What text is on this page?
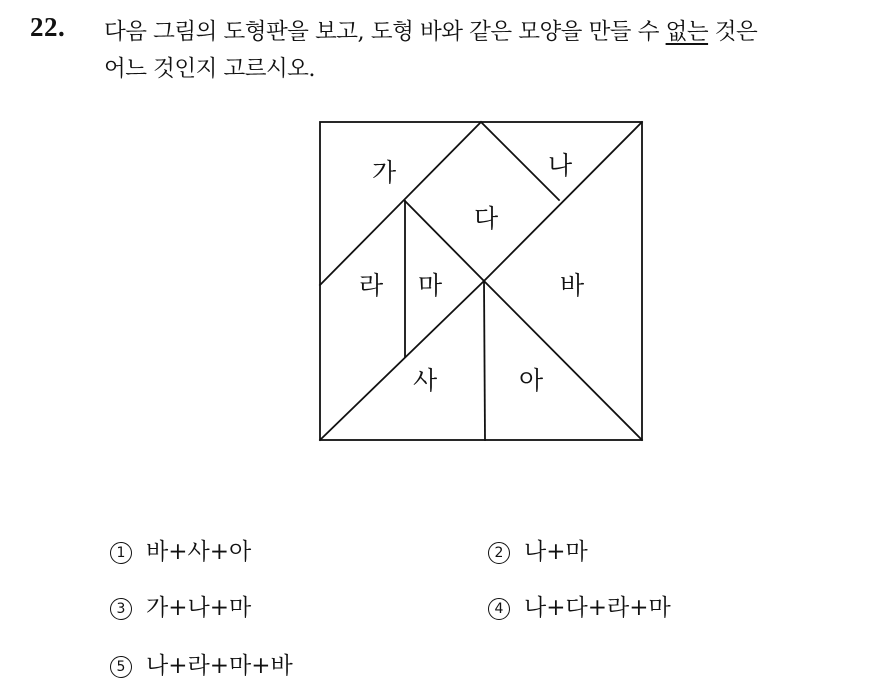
22. 다음 그림의 도형판을 보고, 도형 바와 같은 모양을 만들 수 없는 것은
어느 것인지 고르시오.
가	나
다
라 마	바
사	아
1 바+사+아	2 나+마
3 가+나+마	4 나+다+라+마
5 나+라+마+바
